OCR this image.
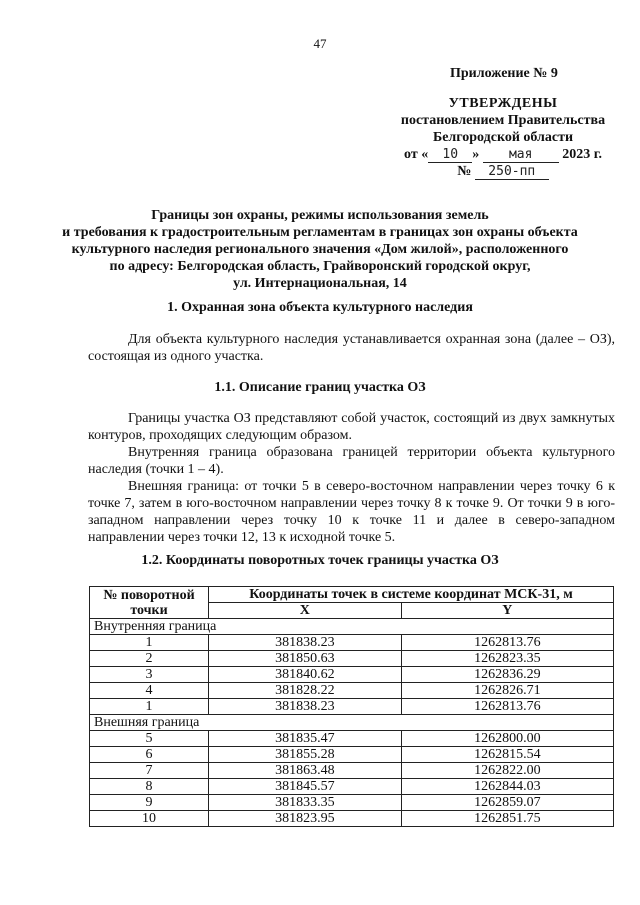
47
Приложение № 9
УТВЕРЖДЕНЫ
постановлением Правительства
Белгородской области
от « 10 » мая 2023 г.
№ 250-пп
Границы зон охраны, режимы использования земель
и требования к градостроительным регламентам в границах зон охраны объекта
культурного наследия регионального значения «Дом жилой», расположенного
по адресу: Белгородская область, Грайворонский городской округ,
ул. Интернациональная, 14
1. Охранная зона объекта культурного наследия
Для объекта культурного наследия устанавливается охранная зона (далее – ОЗ), состоящая из одного участка.
1.1. Описание границ участка ОЗ
Границы участка ОЗ представляют собой участок, состоящий из двух замкнутых контуров, проходящих следующим образом.
Внутренняя граница образована границей территории объекта культурного наследия (точки 1 – 4).
Внешняя граница: от точки 5 в северо-восточном направлении через точку 6 к точке 7, затем в юго-восточном направлении через точку 8 к точке 9. От точки 9 в юго-западном направлении через точку 10 к точке 11 и далее в северо-западном направлении через точки 12, 13 к исходной точке 5.
1.2. Координаты поворотных точек границы участка ОЗ
№ поворотной точки	Координаты точек в системе координат МСК-31, м	
	X	Y
Внутренняя граница		
1	381838.23	1262813.76
2	381850.63	1262823.35
3	381840.62	1262836.29
4	381828.22	1262826.71
1	381838.23	1262813.76
Внешняя граница		
5	381835.47	1262800.00
6	381855.28	1262815.54
7	381863.48	1262822.00
8	381845.57	1262844.03
9	381833.35	1262859.07
10	381823.95	1262851.75
